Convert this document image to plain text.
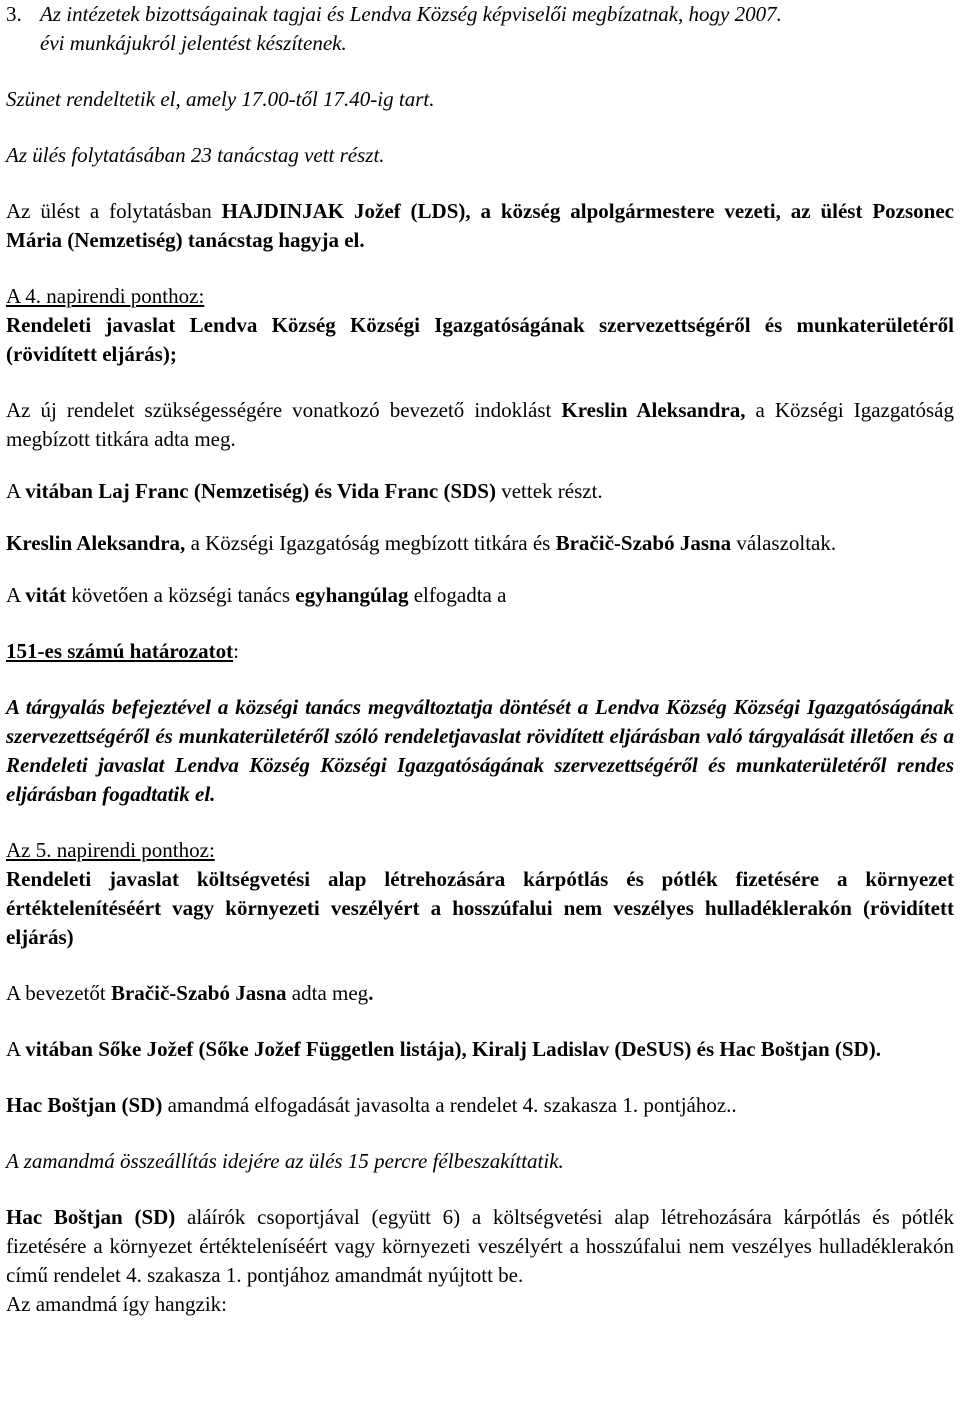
3. Az intézetek bizottságainak tagjai és Lendva Község képviselői megbízatnak, hogy 2007.
évi munkájukról jelentést készítenek.

Szünet rendeltetik el, amely 17.00-től 17.40-ig tart.

Az ülés folytatásában 23 tanácstag vett részt.

Az ülést a folytatásban HAJDINJAK Jožef (LDS), a község alpolgármestere vezeti, az ülést Pozsonec Mária (Nemzetiség) tanácstag hagyja el.

A 4. napirendi ponthoz:

Rendeleti javaslat Lendva Község Községi Igazgatóságának szervezettségéről és munkaterületéről (rövidített eljárás);

Az új rendelet szükségességére vonatkozó bevezető indoklást Kreslin Aleksandra, a Községi Igazgatóság megbízott titkára adta meg.

A vitában Laj Franc (Nemzetiség) és Vida Franc (SDS) vettek részt.

Kreslin Aleksandra, a Községi Igazgatóság megbízott titkára és Bračič-Szabó Jasna válaszoltak.

A vitát követően a községi tanács egyhangúlag elfogadta a

151-es számú határozatot:

A tárgyalás befejeztével a községi tanács megváltoztatja döntését a Lendva Község Községi Igazgatóságának szervezettségéről és munkaterületéről szóló rendeletjavaslat rövidített eljárásban való tárgyalását illetően és a Rendeleti javaslat Lendva Község Községi Igazgatóságának szervezettségéről és munkaterületéről rendes eljárásban fogadtatik el.

Az 5. napirendi ponthoz:

Rendeleti javaslat költségvetési alap létrehozására kárpótlás és pótlék fizetésére a környezet értéktelenítéséért vagy környezeti veszélyért a hosszúfalui nem veszélyes hulladéklerakón (rövidített eljárás)

A bevezetőt Bračič-Szabó Jasna adta meg.

A vitában Sőke Jožef (Sőke Jožef Független listája), Kiralj Ladislav (DeSUS) és Hac Boštjan (SD).

Hac Boštjan (SD) amandmá elfogadását javasolta a rendelet 4. szakasza 1. pontjához..

A zamandmá összeállítás idejére az ülés 15 percre félbeszakíttatik.

Hac Boštjan (SD) aláírók csoportjával (együtt 6) a költségvetési alap létrehozására kárpótlás és pótlék fizetésére a környezet értékteleníséért vagy környezeti veszélyért a hosszúfalui nem veszélyes hulladéklerakón című rendelet 4. szakasza 1. pontjához amandmát nyújtott be.
Az amandmá így hangzik:
